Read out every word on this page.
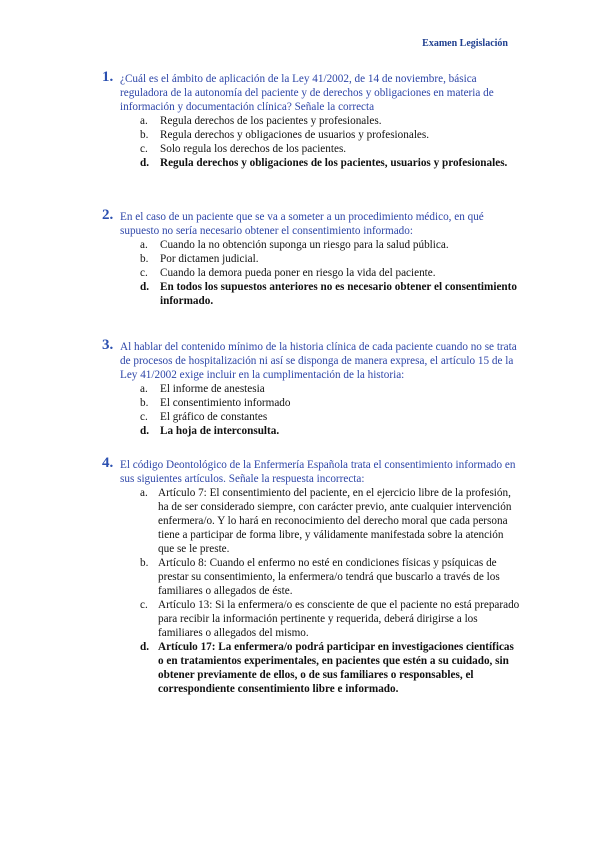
Examen Legislación
1. ¿Cuál es el ámbito de aplicación de la Ley 41/2002, de 14 de noviembre, básica reguladora de la autonomía del paciente y de derechos y obligaciones en materia de información y documentación clínica? Señale la correcta
a. Regula derechos de los pacientes y profesionales.
b. Regula derechos y obligaciones de usuarios y profesionales.
c. Solo regula los derechos de los pacientes.
d. Regula derechos y obligaciones de los pacientes, usuarios y profesionales.
2. En el caso de un paciente que se va a someter a un procedimiento médico, en qué supuesto no sería necesario obtener el consentimiento informado:
a. Cuando la no obtención suponga un riesgo para la salud pública.
b. Por dictamen judicial.
c. Cuando la demora pueda poner en riesgo la vida del paciente.
d. En todos los supuestos anteriores no es necesario obtener el consentimiento informado.
3. Al hablar del contenido mínimo de la historia clínica de cada paciente cuando no se trata de procesos de hospitalización ni así se disponga de manera expresa, el artículo 15 de la Ley 41/2002 exige incluir en la cumplimentación de la historia:
a. El informe de anestesia
b. El consentimiento informado
c. El gráfico de constantes
d. La hoja de interconsulta.
4. El código Deontológico de la Enfermería Española trata el consentimiento informado en sus siguientes artículos. Señale la respuesta incorrecta:
a. Artículo 7: El consentimiento del paciente, en el ejercicio libre de la profesión, ha de ser considerado siempre, con carácter previo, ante cualquier intervención enfermera/o. Y lo hará en reconocimiento del derecho moral que cada persona tiene a participar de forma libre, y válidamente manifestada sobre la atención que se le preste.
b. Artículo 8: Cuando el enfermo no esté en condiciones físicas y psíquicas de prestar su consentimiento, la enfermera/o tendrá que buscarlo a través de los familiares o allegados de éste.
c. Artículo 13: Si la enfermera/o es consciente de que el paciente no está preparado para recibir la información pertinente y requerida, deberá dirigirse a los familiares o allegados del mismo.
d. Artículo 17: La enfermera/o podrá participar en investigaciones científicas o en tratamientos experimentales, en pacientes que estén a su cuidado, sin obtener previamente de ellos, o de sus familiares o responsables, el correspondiente consentimiento libre e informado.
